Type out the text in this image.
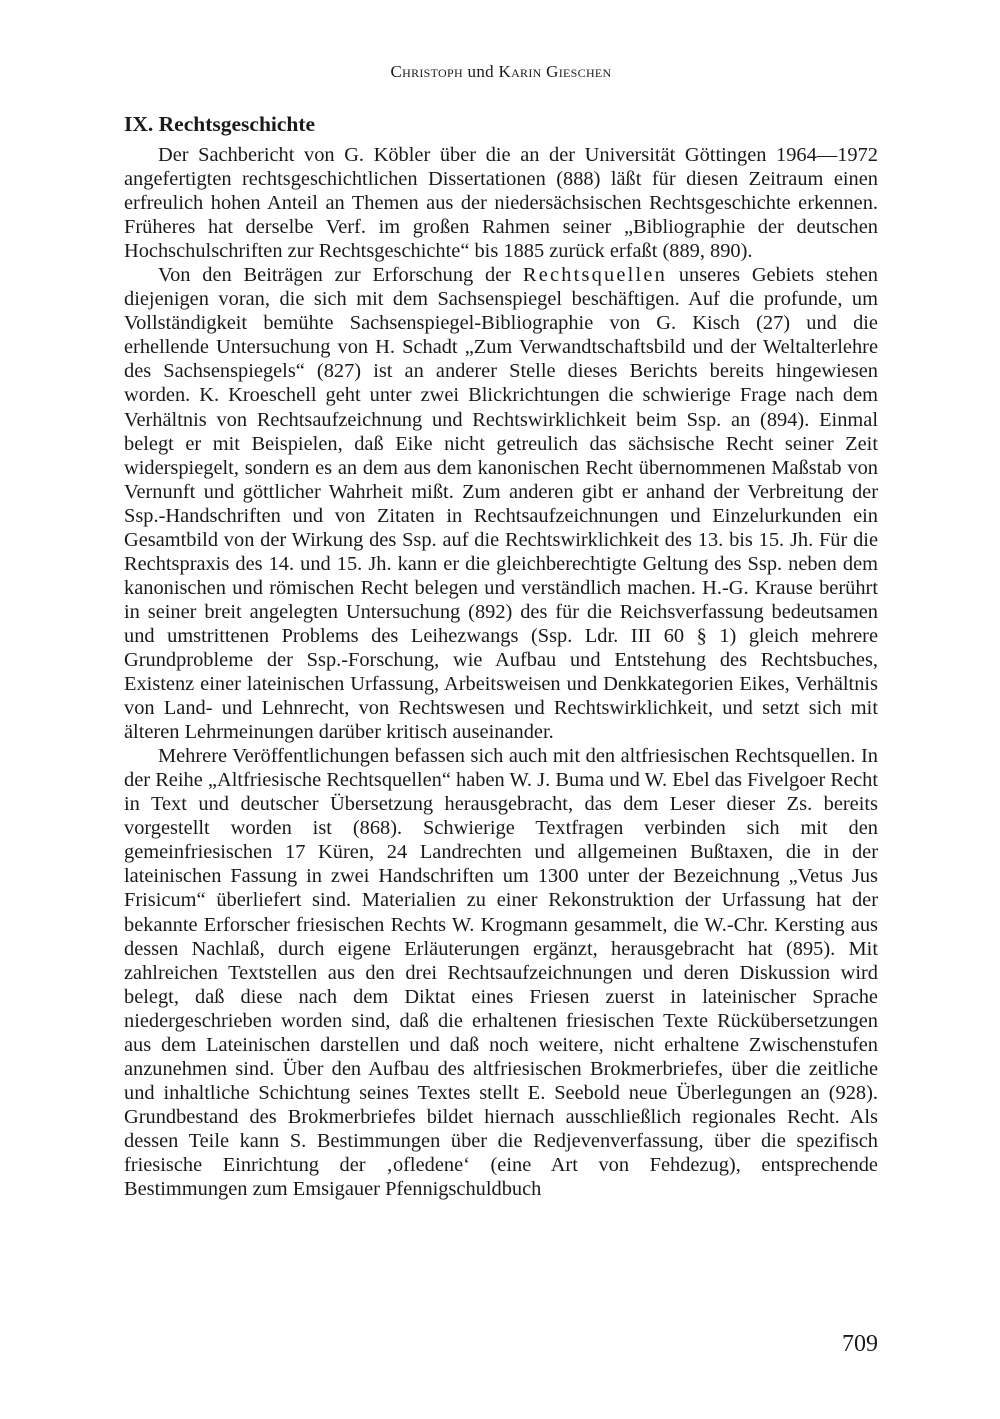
Christoph und Karin Gieschen
IX. Rechtsgeschichte

Der Sachbericht von G. Köbler über die an der Universität Göttingen 1964—1972 angefertigten rechtsgeschichtlichen Dissertationen (888) läßt für diesen Zeitraum einen erfreulich hohen Anteil an Themen aus der niedersächsischen Rechtsgeschichte erkennen. Früheres hat derselbe Verf. im großen Rahmen seiner „Bibliographie der deutschen Hochschulschriften zur Rechtsgeschichte“ bis 1885 zurück erfaßt (889, 890).

Von den Beiträgen zur Erforschung der Rechtsquellen unseres Gebiets stehen diejenigen voran, die sich mit dem Sachsenspiegel beschäftigen. Auf die profunde, um Vollständigkeit bemühte Sachsenspiegel-Bibliographie von G. Kisch (27) und die erhellende Untersuchung von H. Schadt „Zum Verwandtschaftsbild und der Weltalterlehre des Sachsenspiegels“ (827) ist an anderer Stelle dieses Berichts bereits hingewiesen worden. K. Kroeschell geht unter zwei Blickrichtungen die schwierige Frage nach dem Verhältnis von Rechtsaufzeichnung und Rechtswirklichkeit beim Ssp. an (894). Einmal belegt er mit Beispielen, daß Eike nicht getreulich das sächsische Recht seiner Zeit widerspiegelt, sondern es an dem aus dem kanonischen Recht übernommenen Maßstab von Vernunft und göttlicher Wahrheit mißt. Zum anderen gibt er anhand der Verbreitung der Ssp.-Handschriften und von Zitaten in Rechtsaufzeichnungen und Einzelurkunden ein Gesamtbild von der Wirkung des Ssp. auf die Rechtswirklichkeit des 13. bis 15. Jh. Für die Rechtspraxis des 14. und 15. Jh. kann er die gleichberechtigte Geltung des Ssp. neben dem kanonischen und römischen Recht belegen und verständlich machen. H.-G. Krause berührt in seiner breit angelegten Untersuchung (892) des für die Reichsverfassung bedeutsamen und umstrittenen Problems des Leihezwangs (Ssp. Ldr. III 60 § 1) gleich mehrere Grundprobleme der Ssp.-Forschung, wie Aufbau und Entstehung des Rechtsbuches, Existenz einer lateinischen Urfassung, Arbeitsweisen und Denkkategorien Eikes, Verhältnis von Land- und Lehnrecht, von Rechtswesen und Rechtswirklichkeit, und setzt sich mit älteren Lehrmeinungen darüber kritisch auseinander.

Mehrere Veröffentlichungen befassen sich auch mit den altfriesischen Rechtsquellen. In der Reihe „Altfriesische Rechtsquellen“ haben W. J. Buma und W. Ebel das Fivelgoer Recht in Text und deutscher Übersetzung herausgebracht, das dem Leser dieser Zs. bereits vorgestellt worden ist (868). Schwierige Textfragen verbinden sich mit den gemeinfriesischen 17 Küren, 24 Landrechten und allgemeinen Bußtaxen, die in der lateinischen Fassung in zwei Handschriften um 1300 unter der Bezeichnung „Vetus Jus Frisicum“ überliefert sind. Materialien zu einer Rekonstruktion der Urfassung hat der bekannte Erforscher friesischen Rechts W. Krogmann gesammelt, die W.-Chr. Kersting aus dessen Nachlaß, durch eigene Erläuterungen ergänzt, herausgebracht hat (895). Mit zahlreichen Textstellen aus den drei Rechtsaufzeichnungen und deren Diskussion wird belegt, daß diese nach dem Diktat eines Friesen zuerst in lateinischer Sprache niedergeschrieben worden sind, daß die erhaltenen friesischen Texte Rückübersetzungen aus dem Lateinischen darstellen und daß noch weitere, nicht erhaltene Zwischenstufen anzunehmen sind. Über den Aufbau des altfriesischen Brokmerbriefes, über die zeitliche und inhaltliche Schichtung seines Textes stellt E. Seebold neue Überlegungen an (928). Grundbestand des Brokmerbriefes bildet hiernach ausschließlich regionales Recht. Als dessen Teile kann S. Bestimmungen über die Redjevenverfassung, über die spezifisch friesische Einrichtung der ‚ofledene‘ (eine Art von Fehdezug), entsprechende Bestimmungen zum Emsigauer Pfennigschuldbuch

709
